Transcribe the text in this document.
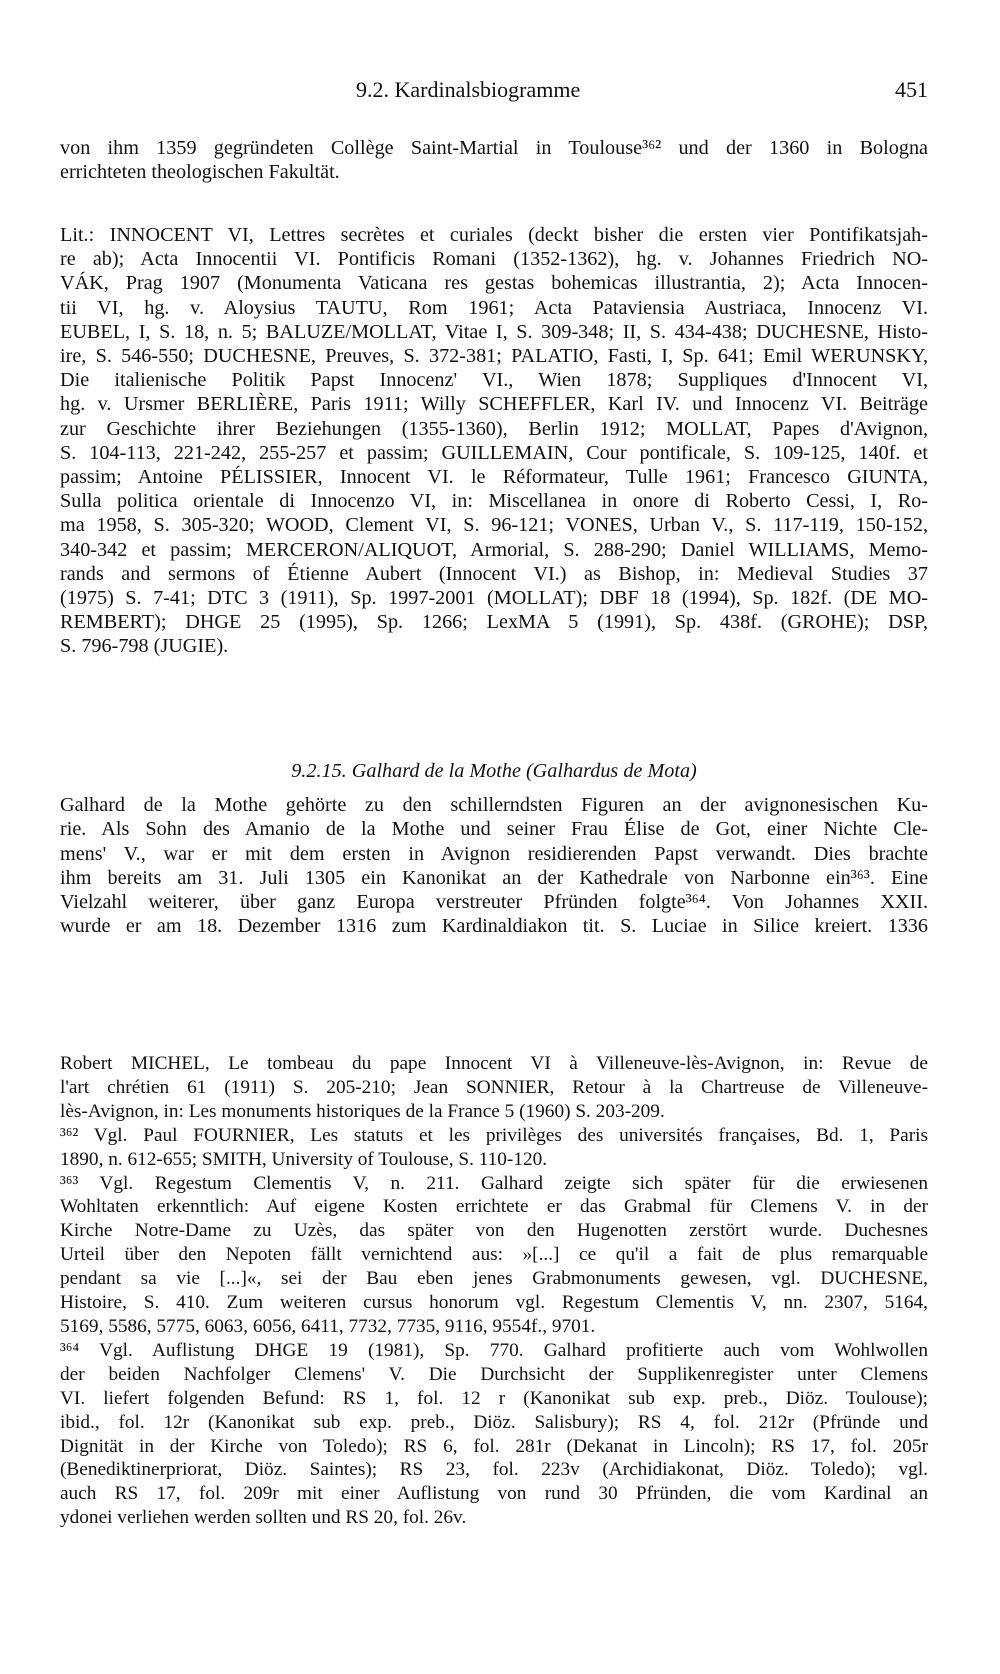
9.2. Kardinalsbiogramme	451

von ihm 1359 gegründeten Collège Saint-Martial in Toulouse³⁶² und der 1360 in Bologna

errichteten theologischen Fakultät.

Lit.: INNOCENT VI, Lettres secrètes et curiales (deckt bisher die ersten vier Pontifikatsjah-

re ab); Acta Innocentii VI. Pontificis Romani (1352-1362), hg. v. Johannes Friedrich NO-

VÁK, Prag 1907 (Monumenta Vaticana res gestas bohemicas illustrantia, 2); Acta Innocen-

tii VI, hg. v. Aloysius TAUTU, Rom 1961; Acta Pataviensia Austriaca, Innocenz VI.

EUBEL, I, S. 18, n. 5; BALUZE/MOLLAT, Vitae I, S. 309-348; II, S. 434-438; DUCHESNE, Histo-

ire, S. 546-550; DUCHESNE, Preuves, S. 372-381; PALATIO, Fasti, I, Sp. 641; Emil WERUNSKY,

Die italienische Politik Papst Innocenz' VI., Wien 1878; Suppliques d'Innocent VI,

hg. v. Ursmer BERLIÈRE, Paris 1911; Willy SCHEFFLER, Karl IV. und Innocenz VI. Beiträge

zur Geschichte ihrer Beziehungen (1355-1360), Berlin 1912; MOLLAT, Papes d'Avignon,

S. 104-113, 221-242, 255-257 et passim; GUILLEMAIN, Cour pontificale, S. 109-125, 140f. et

passim; Antoine PÉLISSIER, Innocent VI. le Réformateur, Tulle 1961; Francesco GIUNTA,

Sulla politica orientale di Innocenzo VI, in: Miscellanea in onore di Roberto Cessi, I, Ro-

ma 1958, S. 305-320; WOOD, Clement VI, S. 96-121; VONES, Urban V., S. 117-119, 150-152,

340-342 et passim; MERCERON/ALIQUOT, Armorial, S. 288-290; Daniel WILLIAMS, Memo-

rands and sermons of Étienne Aubert (Innocent VI.) as Bishop, in: Medieval Studies 37

(1975) S. 7-41; DTC 3 (1911), Sp. 1997-2001 (MOLLAT); DBF 18 (1994), Sp. 182f. (DE MO-

REMBERT); DHGE 25 (1995), Sp. 1266; LexMA 5 (1991), Sp. 438f. (GROHE); DSP,

S. 796-798 (JUGIE).

9.2.15. Galhard de la Mothe (Galhardus de Mota)

Galhard de la Mothe gehörte zu den schillerndsten Figuren an der avignonesischen Ku-

rie. Als Sohn des Amanio de la Mothe und seiner Frau Élise de Got, einer Nichte Cle-

mens' V., war er mit dem ersten in Avignon residierenden Papst verwandt. Dies brachte

ihm bereits am 31. Juli 1305 ein Kanonikat an der Kathedrale von Narbonne ein³⁶³. Eine

Vielzahl weiterer, über ganz Europa verstreuter Pfründen folgte³⁶⁴. Von Johannes XXII.

wurde er am 18. Dezember 1316 zum Kardinaldiakon tit. S. Luciae in Silice kreiert. 1336

Robert MICHEL, Le tombeau du pape Innocent VI à Villeneuve-lès-Avignon, in: Revue de

l'art chrétien 61 (1911) S. 205-210; Jean SONNIER, Retour à la Chartreuse de Villeneuve-

lès-Avignon, in: Les monuments historiques de la France 5 (1960) S. 203-209.

³⁶² Vgl. Paul FOURNIER, Les statuts et les privilèges des universités françaises, Bd. 1, Paris

1890, n. 612-655; SMITH, University of Toulouse, S. 110-120.

³⁶³ Vgl. Regestum Clementis V, n. 211. Galhard zeigte sich später für die erwiesenen

Wohltaten erkenntlich: Auf eigene Kosten errichtete er das Grabmal für Clemens V. in der

Kirche Notre-Dame zu Uzès, das später von den Hugenotten zerstört wurde. Duchesnes

Urteil über den Nepoten fällt vernichtend aus: »[...] ce qu'il a fait de plus remarquable

pendant sa vie [...]«, sei der Bau eben jenes Grabmonuments gewesen, vgl. DUCHESNE,

Histoire, S. 410. Zum weiteren cursus honorum vgl. Regestum Clementis V, nn. 2307, 5164,

5169, 5586, 5775, 6063, 6056, 6411, 7732, 7735, 9116, 9554f., 9701.

³⁶⁴ Vgl. Auflistung DHGE 19 (1981), Sp. 770. Galhard profitierte auch vom Wohlwollen

der beiden Nachfolger Clemens' V. Die Durchsicht der Supplikenregister unter Clemens

VI. liefert folgenden Befund: RS 1, fol. 12 r (Kanonikat sub exp. preb., Diöz. Toulouse);

ibid., fol. 12r (Kanonikat sub exp. preb., Diöz. Salisbury); RS 4, fol. 212r (Pfründe und

Dignität in der Kirche von Toledo); RS 6, fol. 281r (Dekanat in Lincoln); RS 17, fol. 205r

(Benediktinerpriorat, Diöz. Saintes); RS 23, fol. 223v (Archidiakonat, Diöz. Toledo); vgl.

auch RS 17, fol. 209r mit einer Auflistung von rund 30 Pfründen, die vom Kardinal an

ydonei verliehen werden sollten und RS 20, fol. 26v.
